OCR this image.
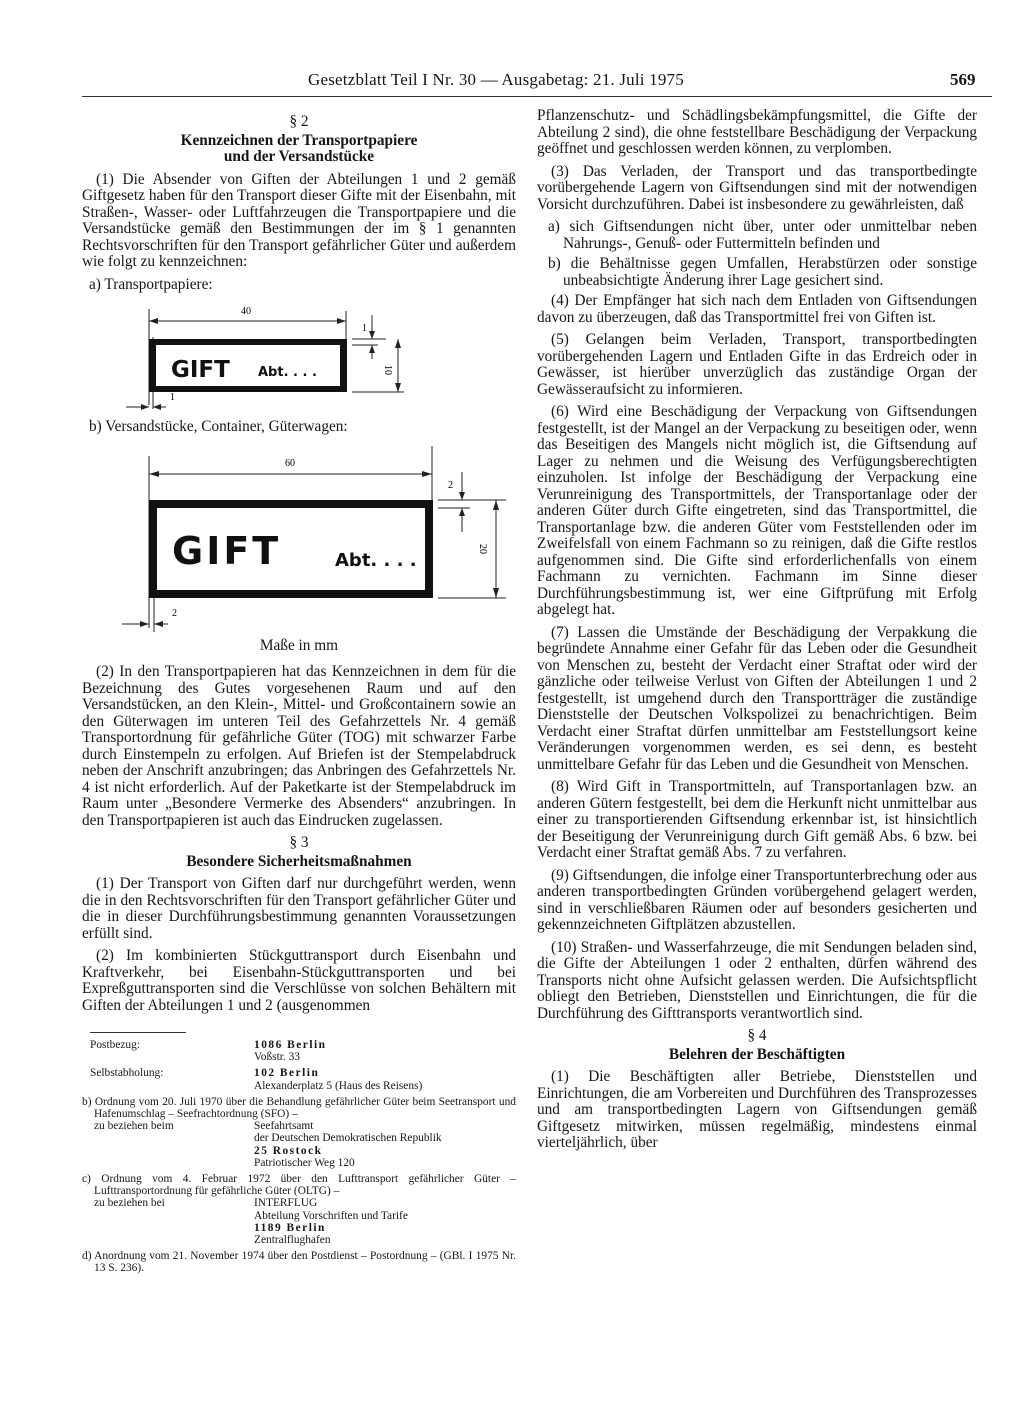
Gesetzblatt Teil I Nr. 30 — Ausgabetag: 21. Juli 1975	569
§ 2
Kennzeichnen der Transportpapiere
und der Versandstücke

(1) Die Absender von Giften der Abteilungen 1 und 2 gemäß Giftgesetz haben für den Transport dieser Gifte mit der Eisenbahn, mit Straßen-, Wasser- oder Luftfahrzeugen die Transportpapiere und die Versandstücke gemäß den Bestimmungen der im § 1 genannten Rechtsvorschriften für den Transport gefährlicher Güter und außerdem wie folgt zu kennzeichnen:

a) Transportpapiere:
40
GIFT Abt. . . .
1
10
1
b) Versandstücke, Container, Güterwagen:
60
GIFT	Abt. . . .
2
20
2
Maße in mm

(2) In den Transportpapieren hat das Kennzeichnen in dem für die Bezeichnung des Gutes vorgesehenen Raum und auf den Versandstücken, an den Klein-, Mittel- und Großcontainern sowie an den Güterwagen im unteren Teil des Gefahrzettels Nr. 4 gemäß Transportordnung für gefährliche Güter (TOG) mit schwarzer Farbe durch Einstempeln zu erfolgen. Auf Briefen ist der Stempelabdruck neben der Anschrift anzubringen; das Anbringen des Gefahrzettels Nr. 4 ist nicht erforderlich. Auf der Paketkarte ist der Stempelabdruck im Raum unter „Besondere Vermerke des Absenders“ anzubringen. In den Transportpapieren ist auch das Eindrucken zugelassen.

§ 3
Besondere Sicherheitsmaßnahmen

(1) Der Transport von Giften darf nur durchgeführt werden, wenn die in den Rechtsvorschriften für den Transport gefährlicher Güter und die in dieser Durchführungsbestimmung genannten Voraussetzungen erfüllt sind.

(2) Im kombinierten Stückguttransport durch Eisenbahn und Kraftverkehr, bei Eisenbahn-Stückguttransporten und bei Expreßguttransporten sind die Verschlüsse von solchen Behältern mit Giften der Abteilungen 1 und 2 (ausgenommen

Postbezug:	1086 Berlin
Voßstr. 33
Selbstabholung:	102 Berlin
Alexanderplatz 5 (Haus des Reisens)
b) Ordnung vom 20. Juli 1970 über die Behandlung gefährlicher Güter beim Seetransport und Hafenumschlag – Seefrachtordnung (SFO) –
zu beziehen beim	Seefahrtsamt
der Deutschen Demokratischen Republik
25 Rostock
Patriotischer Weg 120
c) Ordnung vom 4. Februar 1972 über den Lufttransport gefährlicher Güter – Lufttransportordnung für gefährliche Güter (OLTG) –
zu beziehen bei	INTERFLUG
Abteilung Vorschriften und Tarife
1189 Berlin
Zentralflughafen
d) Anordnung vom 21. November 1974 über den Postdienst – Postordnung – (GBl. I 1975 Nr. 13 S. 236).

Pflanzenschutz- und Schädlingsbekämpfungsmittel, die Gifte der Abteilung 2 sind), die ohne feststellbare Beschädigung der Verpackung geöffnet und geschlossen werden können, zu verplomben.

(3) Das Verladen, der Transport und das transportbedingte vorübergehende Lagern von Giftsendungen sind mit der notwendigen Vorsicht durchzuführen. Dabei ist insbesondere zu gewährleisten, daß

a) sich Giftsendungen nicht über, unter oder unmittelbar neben Nahrungs-, Genuß- oder Futtermitteln befinden und
b) die Behältnisse gegen Umfallen, Herabstürzen oder sonstige unbeabsichtigte Änderung ihrer Lage gesichert sind.

(4) Der Empfänger hat sich nach dem Entladen von Giftsendungen davon zu überzeugen, daß das Transportmittel frei von Giften ist.

(5) Gelangen beim Verladen, Transport, transportbedingten vorübergehenden Lagern und Entladen Gifte in das Erdreich oder in Gewässer, ist hierüber unverzüglich das zuständige Organ der Gewässeraufsicht zu informieren.

(6) Wird eine Beschädigung der Verpackung von Giftsendungen festgestellt, ist der Mangel an der Verpackung zu beseitigen oder, wenn das Beseitigen des Mangels nicht möglich ist, die Giftsendung auf Lager zu nehmen und die Weisung des Verfügungsberechtigten einzuholen. Ist infolge der Beschädigung der Verpackung eine Verunreinigung des Transportmittels, der Transportanlage oder der anderen Güter durch Gifte eingetreten, sind das Transportmittel, die Transportanlage bzw. die anderen Güter vom Feststellenden oder im Zweifelsfall von einem Fachmann so zu reinigen, daß die Gifte restlos aufgenommen sind. Die Gifte sind erforderlichenfalls von einem Fachmann zu vernichten. Fachmann im Sinne dieser Durchführungsbestimmung ist, wer eine Giftprüfung mit Erfolg abgelegt hat.

(7) Lassen die Umstände der Beschädigung der Verpakkung die begründete Annahme einer Gefahr für das Leben oder die Gesundheit von Menschen zu, besteht der Verdacht einer Straftat oder wird der gänzliche oder teilweise Verlust von Giften der Abteilungen 1 und 2 festgestellt, ist umgehend durch den Transportträger die zuständige Dienststelle der Deutschen Volkspolizei zu benachrichtigen. Beim Verdacht einer Straftat dürfen unmittelbar am Feststellungsort keine Veränderungen vorgenommen werden, es sei denn, es besteht unmittelbare Gefahr für das Leben und die Gesundheit von Menschen.

(8) Wird Gift in Transportmitteln, auf Transportanlagen bzw. an anderen Gütern festgestellt, bei dem die Herkunft nicht unmittelbar aus einer zu transportierenden Giftsendung erkennbar ist, ist hinsichtlich der Beseitigung der Verunreinigung durch Gift gemäß Abs. 6 bzw. bei Verdacht einer Straftat gemäß Abs. 7 zu verfahren.

(9) Giftsendungen, die infolge einer Transportunterbrechung oder aus anderen transportbedingten Gründen vorübergehend gelagert werden, sind in verschließbaren Räumen oder auf besonders gesicherten und gekennzeichneten Giftplätzen abzustellen.

(10) Straßen- und Wasserfahrzeuge, die mit Sendungen beladen sind, die Gifte der Abteilungen 1 oder 2 enthalten, dürfen während des Transports nicht ohne Aufsicht gelassen werden. Die Aufsichtspflicht obliegt den Betrieben, Dienststellen und Einrichtungen, die für die Durchführung des Gifttransports verantwortlich sind.

§ 4
Belehren der Beschäftigten

(1) Die Beschäftigten aller Betriebe, Dienststellen und Einrichtungen, die am Vorbereiten und Durchführen des Transprozesses und am transportbedingten Lagern von Giftsendungen gemäß Giftgesetz mitwirken, müssen regelmäßig, mindestens einmal vierteljährlich, über
